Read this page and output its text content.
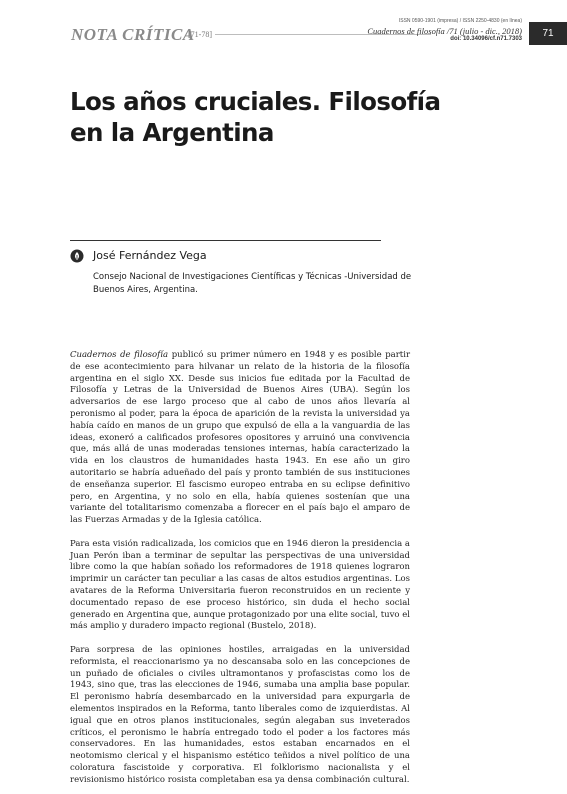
NOTA CRÍTICA
[71-78]
ISSN 0590-1901 (impresa) / ISSN 2250-4830 (en línea)
Cuadernos de filosofía /71 (julio - dic., 2018)
doi: 10.34096/cf.n71.7303	71
Los años cruciales. Filosofía
en la Argentina
José Fernández Vega
Consejo Nacional de Investigaciones Científicas y Técnicas -Universidad de Buenos Aires, Argentina.

Cuadernos de filosofía publicó su primer número en 1948 y es posible partir de ese acontecimiento para hilvanar un relato de la historia de la filosofía argentina en el siglo XX. Desde sus inicios fue editada por la Facultad de Filosofía y Letras de la Universidad de Buenos Aires (UBA). Según los adversarios de ese largo proceso que al cabo de unos años llevaría al peronismo al poder, para la época de aparición de la revista la universidad ya había caído en manos de un grupo que expulsó de ella a la vanguardia de las ideas, exoneró a calificados profesores opositores y arruinó una convivencia que, más allá de unas moderadas tensiones internas, había caracterizado la vida en los claustros de humanidades hasta 1943. En ese año un giro autoritario se habría adueñado del país y pronto también de sus instituciones de enseñanza superior. El fascismo europeo entraba en su eclipse definitivo pero, en Argentina, y no solo en ella, había quienes sostenían que una variante del totalitarismo comenzaba a florecer en el país bajo el amparo de las Fuerzas Armadas y de la Iglesia católica.

Para esta visión radicalizada, los comicios que en 1946 dieron la presidencia a Juan Perón iban a terminar de sepultar las perspectivas de una universidad libre como la que habían soñado los reformadores de 1918 quienes lograron imprimir un carácter tan peculiar a las casas de altos estudios argentinas. Los avatares de la Reforma Universitaria fueron reconstruidos en un reciente y documentado repaso de ese proceso histórico, sin duda el hecho social generado en Argentina que, aunque protagonizado por una elite social, tuvo el más amplio y duradero impacto regional (Bustelo, 2018).

Para sorpresa de las opiniones hostiles, arraigadas en la universidad reformista, el reaccionarismo ya no descansaba solo en las concepciones de un puñado de oficiales o civiles ultramontanos y profascistas como los de 1943, sino que, tras las elecciones de 1946, sumaba una amplia base popular. El peronismo habría desembarcado en la universidad para expurgarla de elementos inspirados en la Reforma, tanto liberales como de izquierdistas. Al igual que en otros planos institucionales, según alegaban sus inveterados críticos, el peronismo le habría entregado todo el poder a los factores más conservadores. En las humanidades, estos estaban encarnados en el neotomismo clerical y el hispanismo estético teñidos a nivel político de una coloratura fascistoide y corporativa. El folklorismo nacionalista y el revisionismo histórico rosista completaban esa ya densa combinación cultural.
